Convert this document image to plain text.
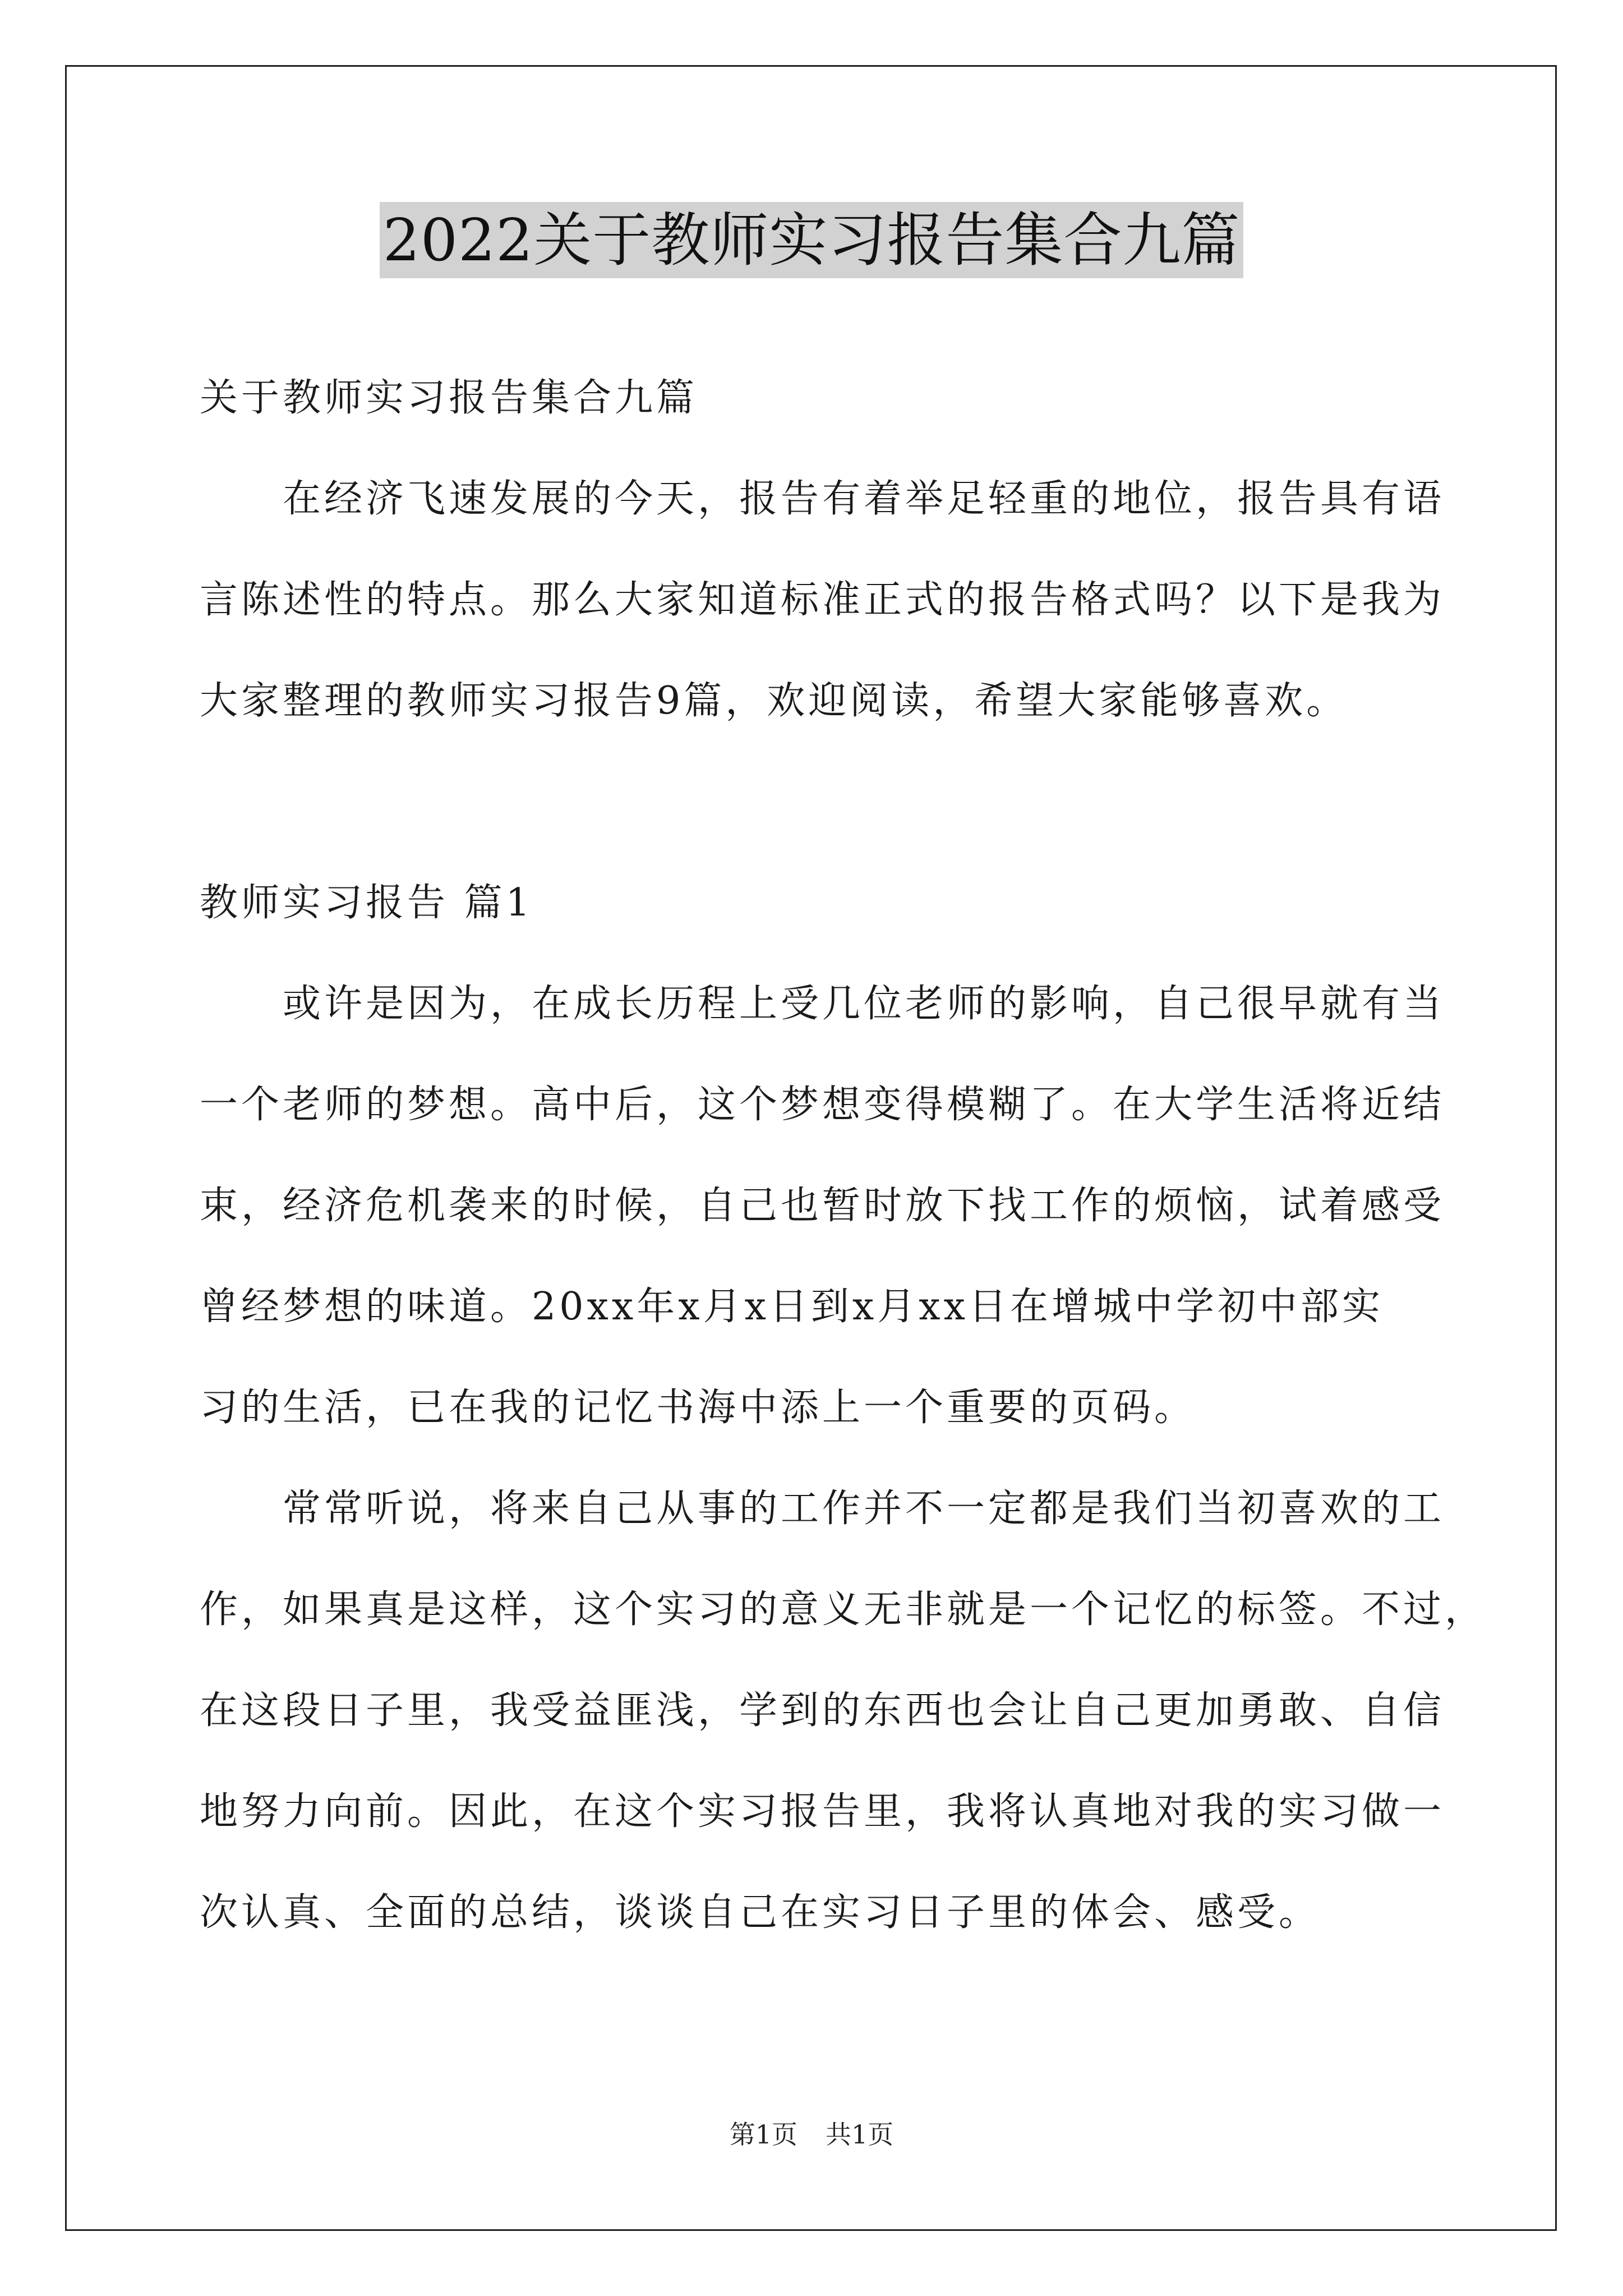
2022关于教师实习报告集合九篇
关于教师实习报告集合九篇
在经济飞速发展的今天，报告有着举足轻重的地位，报告具有语
言陈述性的特点。那么大家知道标准正式的报告格式吗？以下是我为
大家整理的教师实习报告9篇，欢迎阅读，希望大家能够喜欢。
教师实习报告 篇1
或许是因为，在成长历程上受几位老师的影响，自己很早就有当
一个老师的梦想。高中后，这个梦想变得模糊了。在大学生活将近结
束，经济危机袭来的时候，自己也暂时放下找工作的烦恼，试着感受
曾经梦想的味道。20xx年x月x日到x月xx日在增城中学初中部实
习的生活，已在我的记忆书海中添上一个重要的页码。
常常听说，将来自己从事的工作并不一定都是我们当初喜欢的工
作，如果真是这样，这个实习的意义无非就是一个记忆的标签。不过，
在这段日子里，我受益匪浅，学到的东西也会让自己更加勇敢、自信
地努力向前。因此，在这个实习报告里，我将认真地对我的实习做一
次认真、全面的总结，谈谈自己在实习日子里的体会、感受。
第1页 共1页
